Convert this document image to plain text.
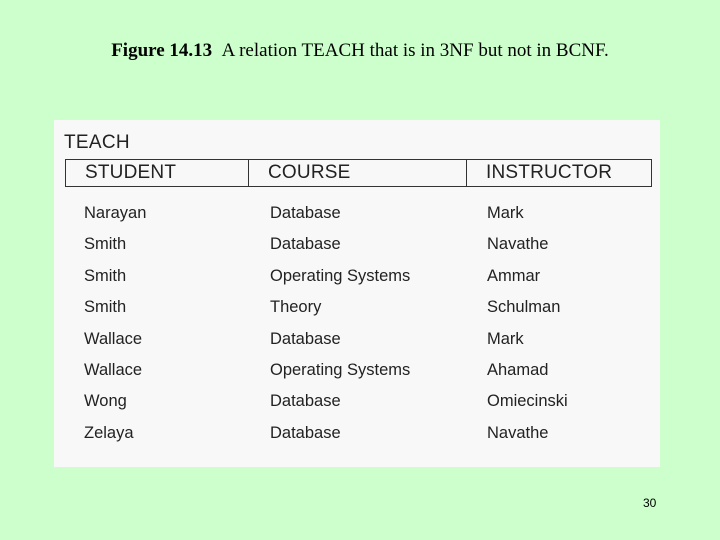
Figure 14.13 A relation TEACH that is in 3NF but not in BCNF.
TEACH
STUDENT	COURSE	INSTRUCTOR
Narayan	Database	Mark
Smith	Database	Navathe
Smith	Operating Systems	Ammar
Smith	Theory	Schulman
Wallace	Database	Mark
Wallace	Operating Systems	Ahamad
Wong	Database	Omiecinski
Zelaya	Database	Navathe
30
